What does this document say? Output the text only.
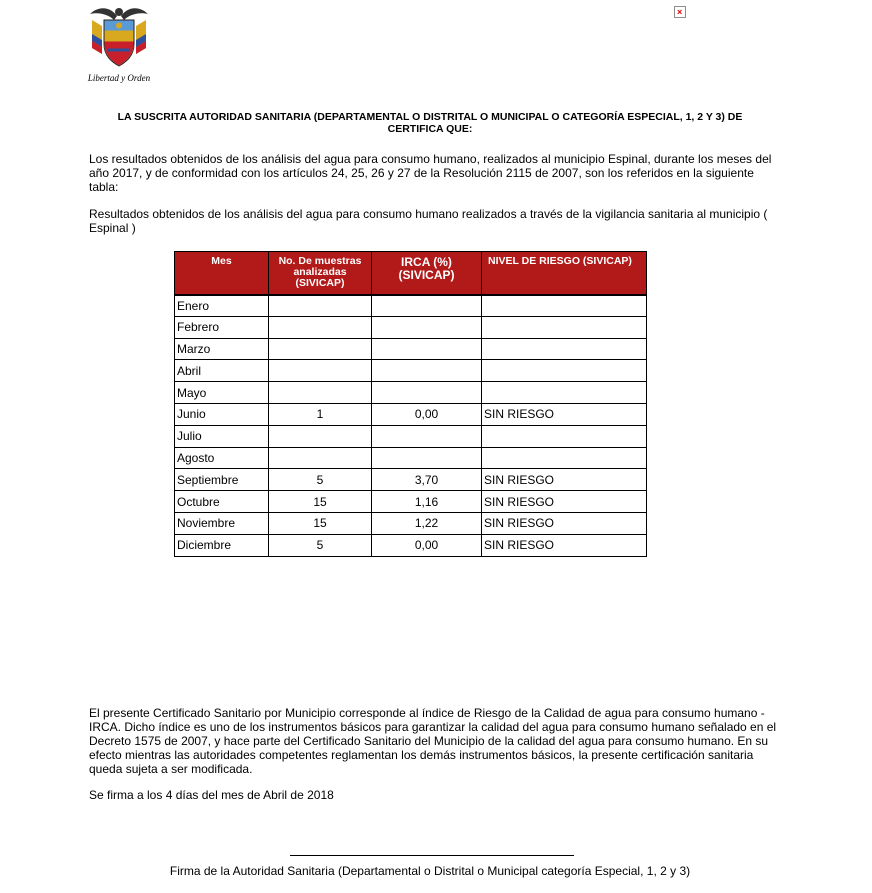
Libertad y Orden
×
LA SUSCRITA AUTORIDAD SANITARIA (DEPARTAMENTAL O DISTRITAL O MUNICIPAL O CATEGORÍA ESPECIAL, 1, 2 Y 3) DE
CERTIFICA QUE:
Los resultados obtenidos de los análisis del agua para consumo humano, realizados al municipio Espinal, durante los meses del año 2017, y de conformidad con los artículos 24, 25, 26 y 27 de la Resolución 2115 de 2007, son los referidos en la siguiente tabla:
Resultados obtenidos de los análisis del agua para consumo humano realizados a través de la vigilancia sanitaria al municipio ( Espinal )
Mes	No. De muestras analizadas (SIVICAP)	IRCA (%) (SIVICAP)	NIVEL DE RIESGO (SIVICAP)
Enero			
Febrero			
Marzo			
Abril			
Mayo			
Junio	1	0,00	SIN RIESGO
Julio			
Agosto			
Septiembre	5	3,70	SIN RIESGO
Octubre	15	1,16	SIN RIESGO
Noviembre	15	1,22	SIN RIESGO
Diciembre	5	0,00	SIN RIESGO
El presente Certificado Sanitario por Municipio corresponde al índice de Riesgo de la Calidad de agua para consumo humano - IRCA. Dicho índice es uno de los instrumentos básicos para garantizar la calidad del agua para consumo humano señalado en el Decreto 1575 de 2007, y hace parte del Certificado Sanitario del Municipio de la calidad del agua para consumo humano. En su efecto mientras las autoridades competentes reglamentan los demás instrumentos básicos, la presente certificación sanitaria queda sujeta a ser modificada.
Se firma a los 4 días del mes de Abril de 2018
Firma de la Autoridad Sanitaria (Departamental o Distrital o Municipal categoría Especial, 1, 2 y 3)
